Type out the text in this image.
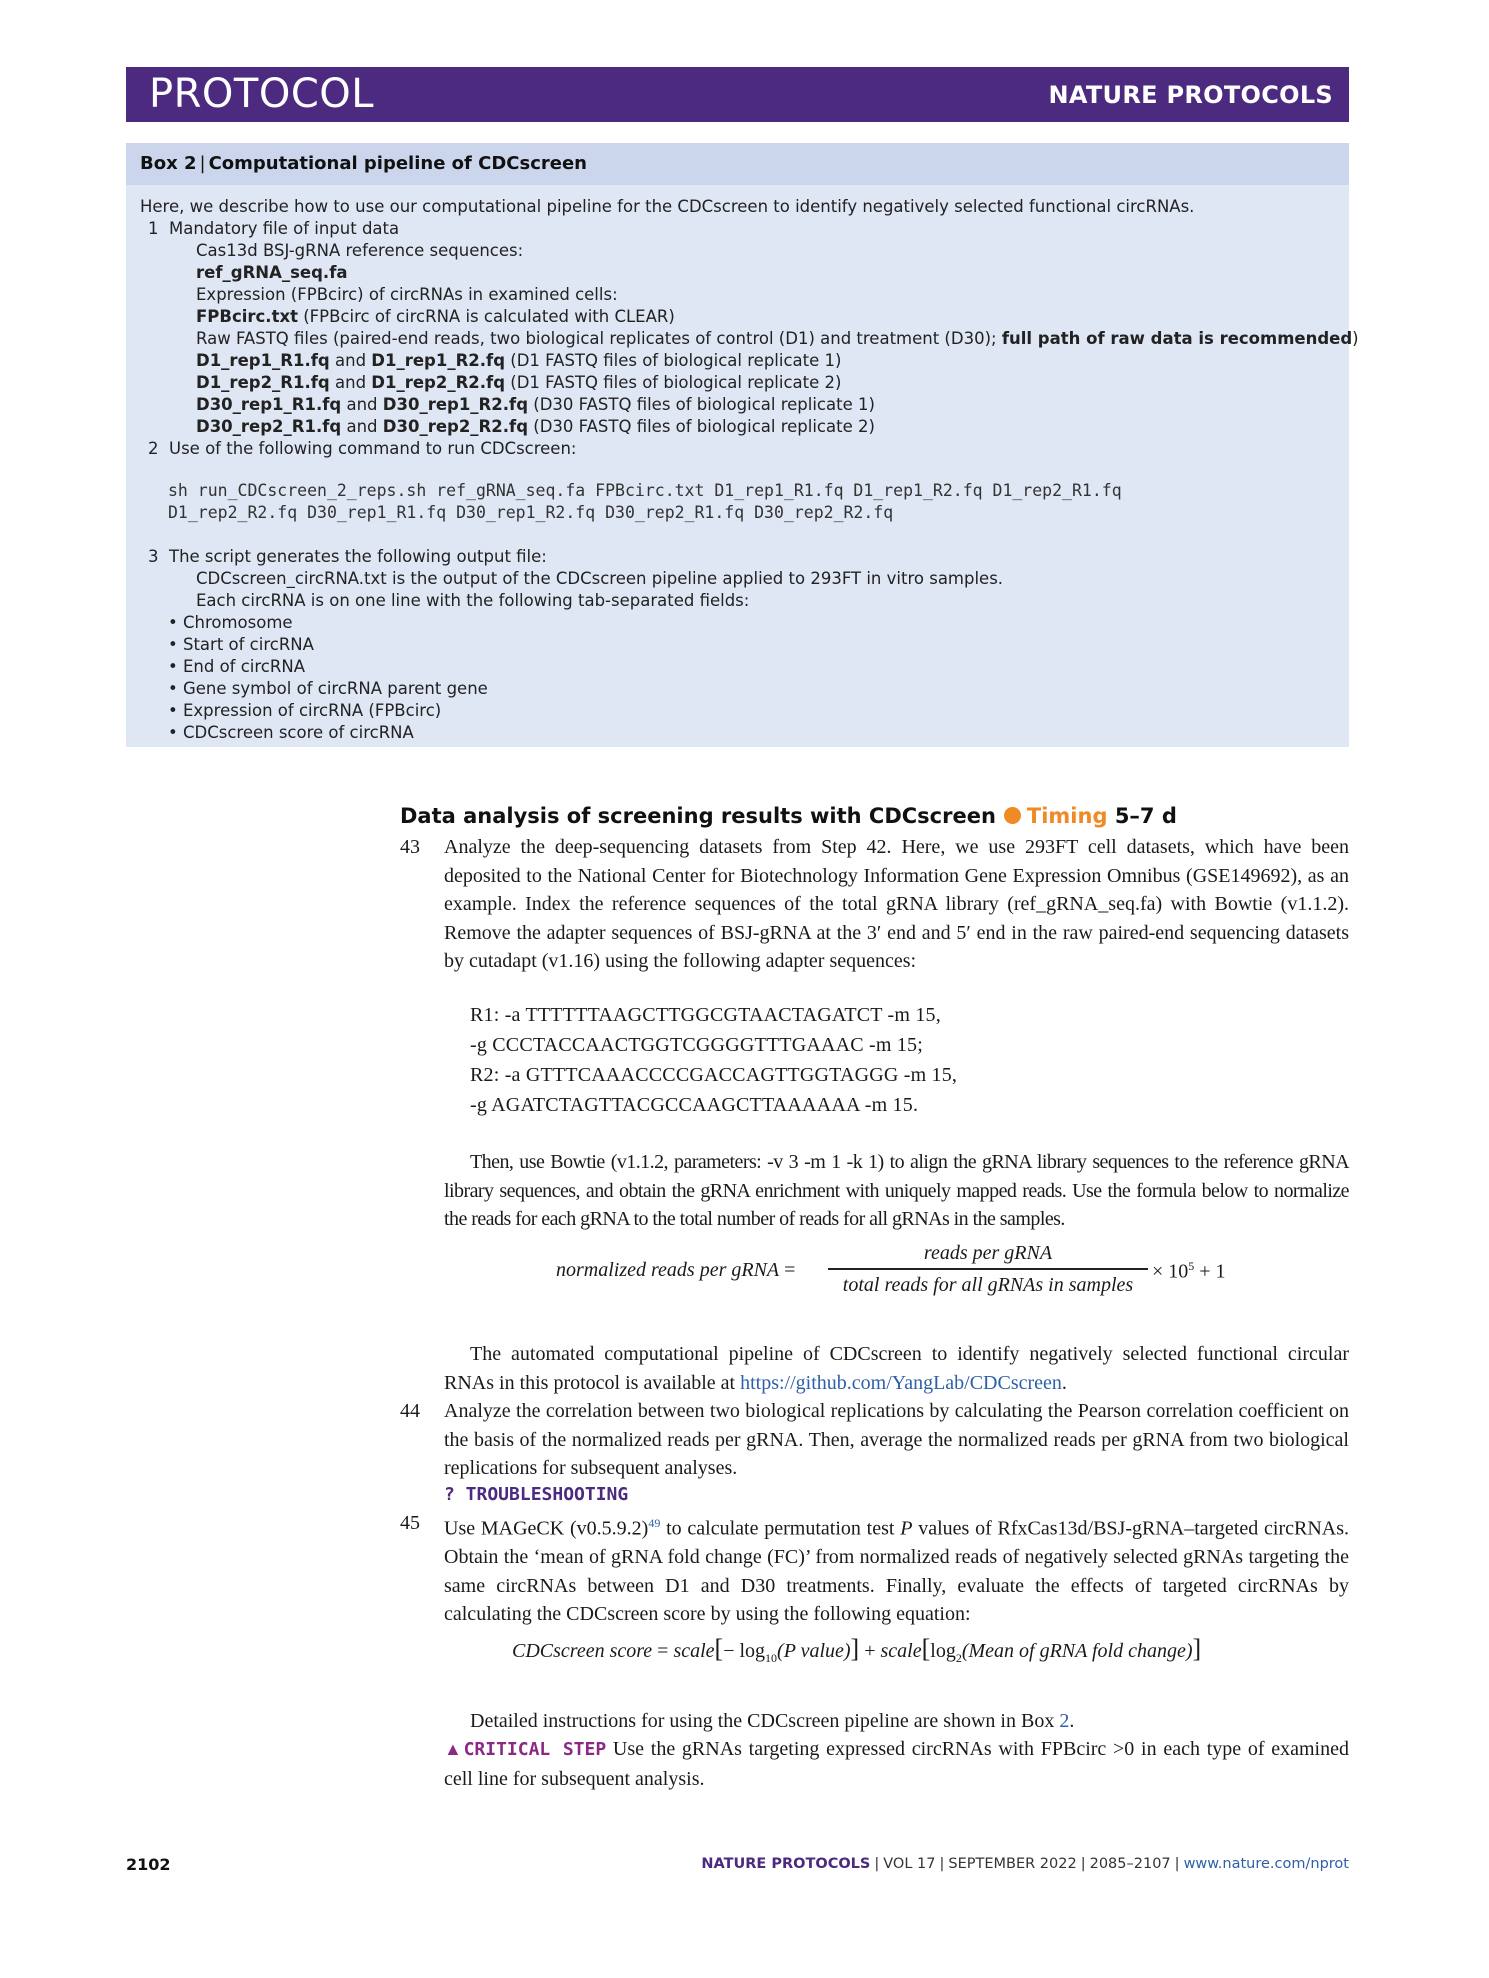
PROTOCOL	NATURE PROTOCOLS
Box 2 | Computational pipeline of CDCscreen
Here, we describe how to use our computational pipeline for the CDCscreen to identify negatively selected functional circRNAs.
1 Mandatory file of input data
Cas13d BSJ-gRNA reference sequences:
ref_gRNA_seq.fa
Expression (FPBcirc) of circRNAs in examined cells:
FPBcirc.txt (FPBcirc of circRNA is calculated with CLEAR)
Raw FASTQ files (paired-end reads, two biological replicates of control (D1) and treatment (D30); full path of raw data is recommended)
D1_rep1_R1.fq and D1_rep1_R2.fq (D1 FASTQ files of biological replicate 1)
D1_rep2_R1.fq and D1_rep2_R2.fq (D1 FASTQ files of biological replicate 2)
D30_rep1_R1.fq and D30_rep1_R2.fq (D30 FASTQ files of biological replicate 1)
D30_rep2_R1.fq and D30_rep2_R2.fq (D30 FASTQ files of biological replicate 2)
2 Use of the following command to run CDCscreen:
sh run_CDCscreen_2_reps.sh ref_gRNA_seq.fa FPBcirc.txt D1_rep1_R1.fq D1_rep1_R2.fq D1_rep2_R1.fq
D1_rep2_R2.fq D30_rep1_R1.fq D30_rep1_R2.fq D30_rep2_R1.fq D30_rep2_R2.fq
3 The script generates the following output file:
CDCscreen_circRNA.txt is the output of the CDCscreen pipeline applied to 293FT in vitro samples.
Each circRNA is on one line with the following tab-separated fields:
• Chromosome
• Start of circRNA
• End of circRNA
• Gene symbol of circRNA parent gene
• Expression of circRNA (FPBcirc)
• CDCscreen score of circRNA
Data analysis of screening results with CDCscreen Timing 5–7 d
43 Analyze the deep-sequencing datasets from Step 42. Here, we use 293FT cell datasets, which have been deposited to the National Center for Biotechnology Information Gene Expression Omnibus (GSE149692), as an example. Index the reference sequences of the total gRNA library (ref_gRNA_seq.fa) with Bowtie (v1.1.2). Remove the adapter sequences of BSJ-gRNA at the 3′ end and 5′ end in the raw paired-end sequencing datasets by cutadapt (v1.16) using the following adapter sequences:
R1: -a TTTTTTAAGCTTGGCGTAACTAGATCT -m 15,
-g CCCTACCAACTGGTCGGGGTTTGAAAC -m 15;
R2: -a GTTTCAAACCCCGACCAGTTGGTAGGG -m 15,
-g AGATCTAGTTACGCCAAGCTTAAAAAA -m 15.
Then, use Bowtie (v1.1.2, parameters: -v 3 -m 1 -k 1) to align the gRNA library sequences to the reference gRNA library sequences, and obtain the gRNA enrichment with uniquely mapped reads. Use the formula below to normalize the reads for each gRNA to the total number of reads for all gRNAs in the samples.
normalized reads per gRNA =
reads per gRNA
total reads for all gRNAs in samples
× $10^5 + 1$
The automated computational pipeline of CDCscreen to identify negatively selected functional circular RNAs in this protocol is available at https://github.com/YangLab/CDCscreen.
44 Analyze the correlation between two biological replications by calculating the Pearson correlation coefficient on the basis of the normalized reads per gRNA. Then, average the normalized reads per gRNA from two biological replications for subsequent analyses.
? TROUBLESHOOTING
45 Use MAGeCK $(v0.5.9.2)^{49}$ to calculate permutation test P values of RfxCas13d/BSJ-gRNA–targeted circRNAs. Obtain the ‘mean of gRNA fold change (FC)’ from normalized reads of negatively selected gRNAs targeting the same circRNAs between D1 and D30 treatments. Finally, evaluate the effects of targeted circRNAs by calculating the CDCscreen score by using the following equation:
CDCscreen score = scale[− $\log_{10}(P$ value)] + $scale[\log_2(Mean$ of gRNA fold change)]
Detailed instructions for using the CDCscreen pipeline are shown in Box 2.
▲CRITICAL STEP Use the gRNAs targeting expressed circRNAs with FPBcirc >0 in each type of examined cell line for subsequent analysis.
2102	NATURE PROTOCOLS | VOL 17 | SEPTEMBER 2022 | 2085–2107 | www.nature.com/nprot
